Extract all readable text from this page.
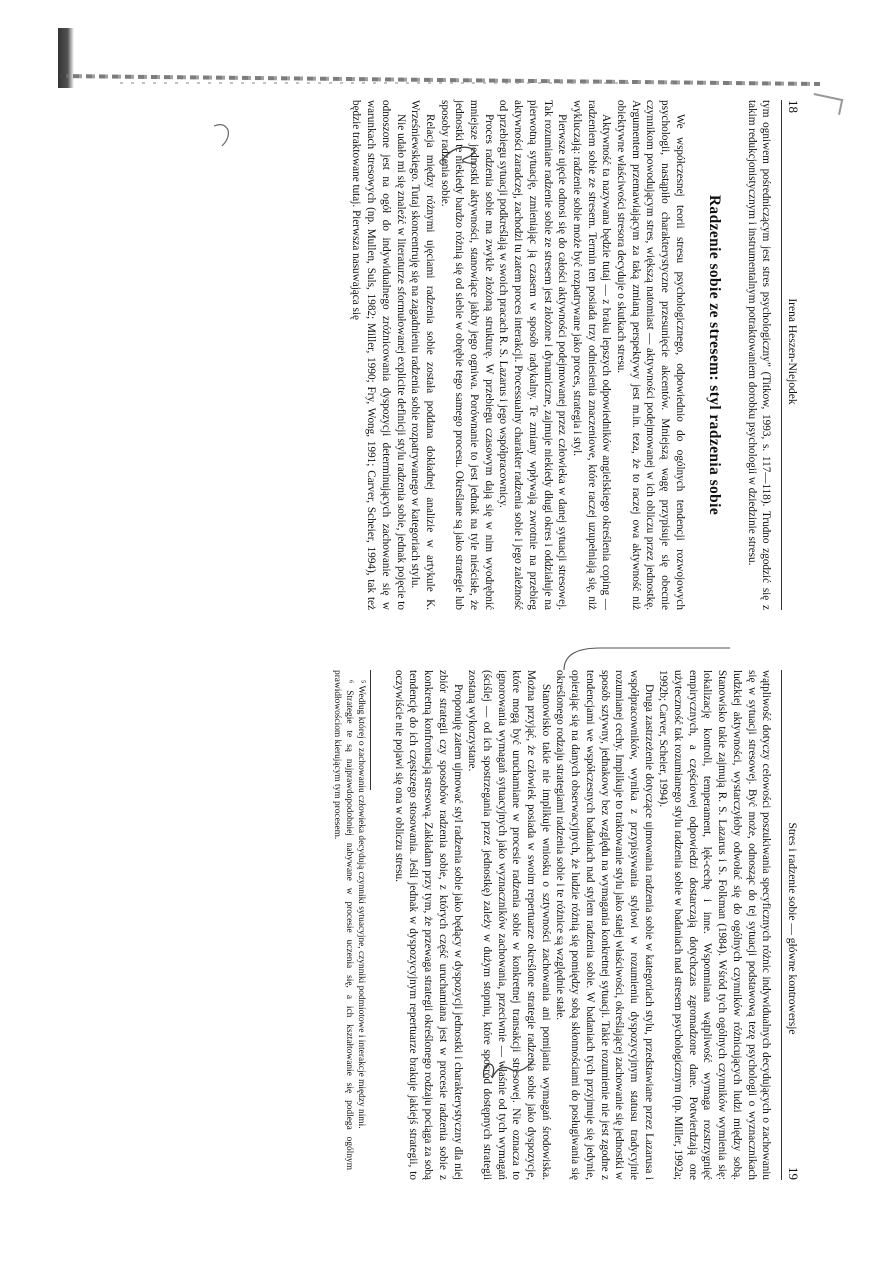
18
Irena Heszen-Niejodek

tym ogniwem pośredniczącym jest stres psychologiczny” (Titkow, 1993, s. 117—118). Trudno zgodzić się z takim redukcjonistycznym i instrumentalnym potraktowaniem dorobku psychologii w dziedzinie stresu.

Radzenie sobie ze stresem: styl radzenia sobie

We współczesnej teorii stresu psychologicznego, odpowiednio do ogólnych tendencji rozwojowych psychologii, nastąpiło charakterystyczne przesunięcie akcentów. Mniejszą wagę przypisuje się obecnie czynnikom powodującym stres, większą natomiast — aktywności podejmowanej w ich obliczu przez jednostkę. Argumentem przemawiającym za taką zmianą perspektywy jest m.in. teza, że to raczej owa aktywność niż obiektywne właściwości stresora decyduje o skutkach stresu.

Aktywność ta nazywana będzie tutaj — z braku lepszych odpowiedników angielskiego określenia coping — radzeniem sobie ze stresem. Termin ten posiada trzy odniesienia znaczeniowe, które raczej uzupełniają się, niż wykluczają: radzenie sobie może być rozpatrywane jako proces, strategia i styl.

Pierwsze ujęcie odnosi się do całości aktywności podejmowanej przez człowieka w danej sytuacji stresowej. Tak rozumiane radzenie sobie ze stresem jest złożone i dynamiczne, zajmuje niekiedy długi okres i oddziałuje na pierwotną sytuację, zmieniając ją czasem w sposób radykalny. Te zmiany wpływają zwrotnie na przebieg aktywności zaradczej, zachodzi tu zatem proces interakcji. Processualny charakter radzenia sobie i jego zależność od przebiegu sytuacji podkreślają w swoich pracach R. S. Lazarus i jego współpracownicy.

Proces radzenia sobie ma zwykle złożoną strukturę. W przebiegu czasowym dają się w nim wyodrębnić mniejsze jednostki aktywności, stanowiące jakby jego ogniwa. Porównanie to jest jednak na tyle nieścisłe, że jednostki te niekiedy bardzo różnią się od siebie w obrębie tego samego procesu. Określane są jako strategie lub sposoby radzenia sobie.

Relacja między różnymi ujęciami radzenia sobie została poddana dokładnej analizie w artykule K. Wrześniewskiego. Tutaj skoncentruję się na zagadnieniu radzenia sobie rozpatrywanego w kategoriach stylu.

Nie udało mi się znaleźć w literaturze sformułowanej explicite definicji stylu radzenia sobie, jednak pojęcie to odnoszone jest na ogół do indywidualnego zróżnicowania dyspozycji determinujących zachowanie się w warunkach stresowych (np. Mullen, Suls, 1982; Miller, 1990; Fry, Wong, 1991; Carver, Scheier, 1994), tak też będzie traktowane tutaj. Pierwsza nasuwająca się

Stres i radzenie sobie — główne kontrowersje
19

wątpliwość dotyczy celowości poszukiwania specyficznych różnic indywidualnych decydujących o zachowaniu się w sytuacji stresowej. Być może, odnosząc do tej sytuacji podstawową tezę psychologii o wyznacznikach ludzkiej aktywności, wystarczyłoby odwołać się do ogólnych czynników różnicujących ludzi między sobą. Stanowisko takie zajmują R. S. Lazarus i S. Folkman (1984). Wśród tych ogólnych czynników wymienia się: lokalizację kontroli, temperament, lęk-cechę i inne. Wspomniana wątpliwość wymaga rozstrzygnięć empirycznych, a częściowej odpowiedzi dostarczają dotychczas zgromadzone dane. Potwierdzają one użyteczność tak rozumianego stylu radzenia sobie w badaniach nad stresem psychologicznym (np. Miller, 1992a; 1992b; Carver, Scheier, 1994).

Druga zastrzeżenie dotyczące ujmowania radzenia sobie w kategoriach stylu, przedstawiane przez Lazarusa i współpracowników, wynika z przypisywania stylowi w rozumieniu dyspozycyjnym statusu tradycyjnie rozumianej cechy. Implikuje to traktowanie stylu jako stałej właściwości, określającej zachowanie się jednostki w sposób sztywny, jednakowy bez względu na wymagania konkretnej sytuacji. Takie rozumienie nie jest zgodne z tendencjami we współczesnych badaniach nad stylem radzenia sobie. W badaniach tych przyjmuje się jedynie, opierając się na danych obserwacyjnych, że ludzie różnią się pomiędzy sobą skłonnościami do posługiwania się określonego rodzaju strategiami radzenia sobie i te różnice są względnie stałe.

Stanowisko takie nie implikuje wniosku o sztywności zachowania ani pomijania wymagań środowiska. Można przyjąć, że człowiek posiada w swoim repertuarze określone strategie radzenia sobie jako dyspozycje, które mogą być uruchamiane w procesie radzenia sobie w konkretnej transakcji stresowej. Nie oznacza to ignorowania wymagań sytuacyjnych jako wyznaczników zachowania, przeciwnie — właśnie od tych wymagań (ściślej — od ich spostrzegania przez jednostkę) zależy w dużym stopniu, które sposród dostępnych strategii zostaną wykorzystane.

Proponuję zatem ujmować styl radzenia sobie jako będący w dyspozycji jednostki i charakterystyczny dla niej zbiór strategii czy sposobów radzenia sobie, z których część uruchamiana jest w procesie radzenia sobie z konkretną konfrontacją stresową. Zakładam przy tym, że przewaga strategii określonego rodzaju pociąga za sobą tendencję do ich częstszego stosowania. Jeśli jednak w dyspozycyjnym repertuarze brakuje jakiejś strategii, to oczywiście nie pojawi się ona w obliczu stresu.

⁵ Według której o zachowaniu człowieka decydują czynniki sytuacyjne, czynniki podmiotowe i interakcje między nimi.

⁶ Strategie te są najprawdopodobniej nabywane w procesie uczenia się, a ich kształtowanie się podlega ogólnym prawidłowościom kierującym tym procesem.
